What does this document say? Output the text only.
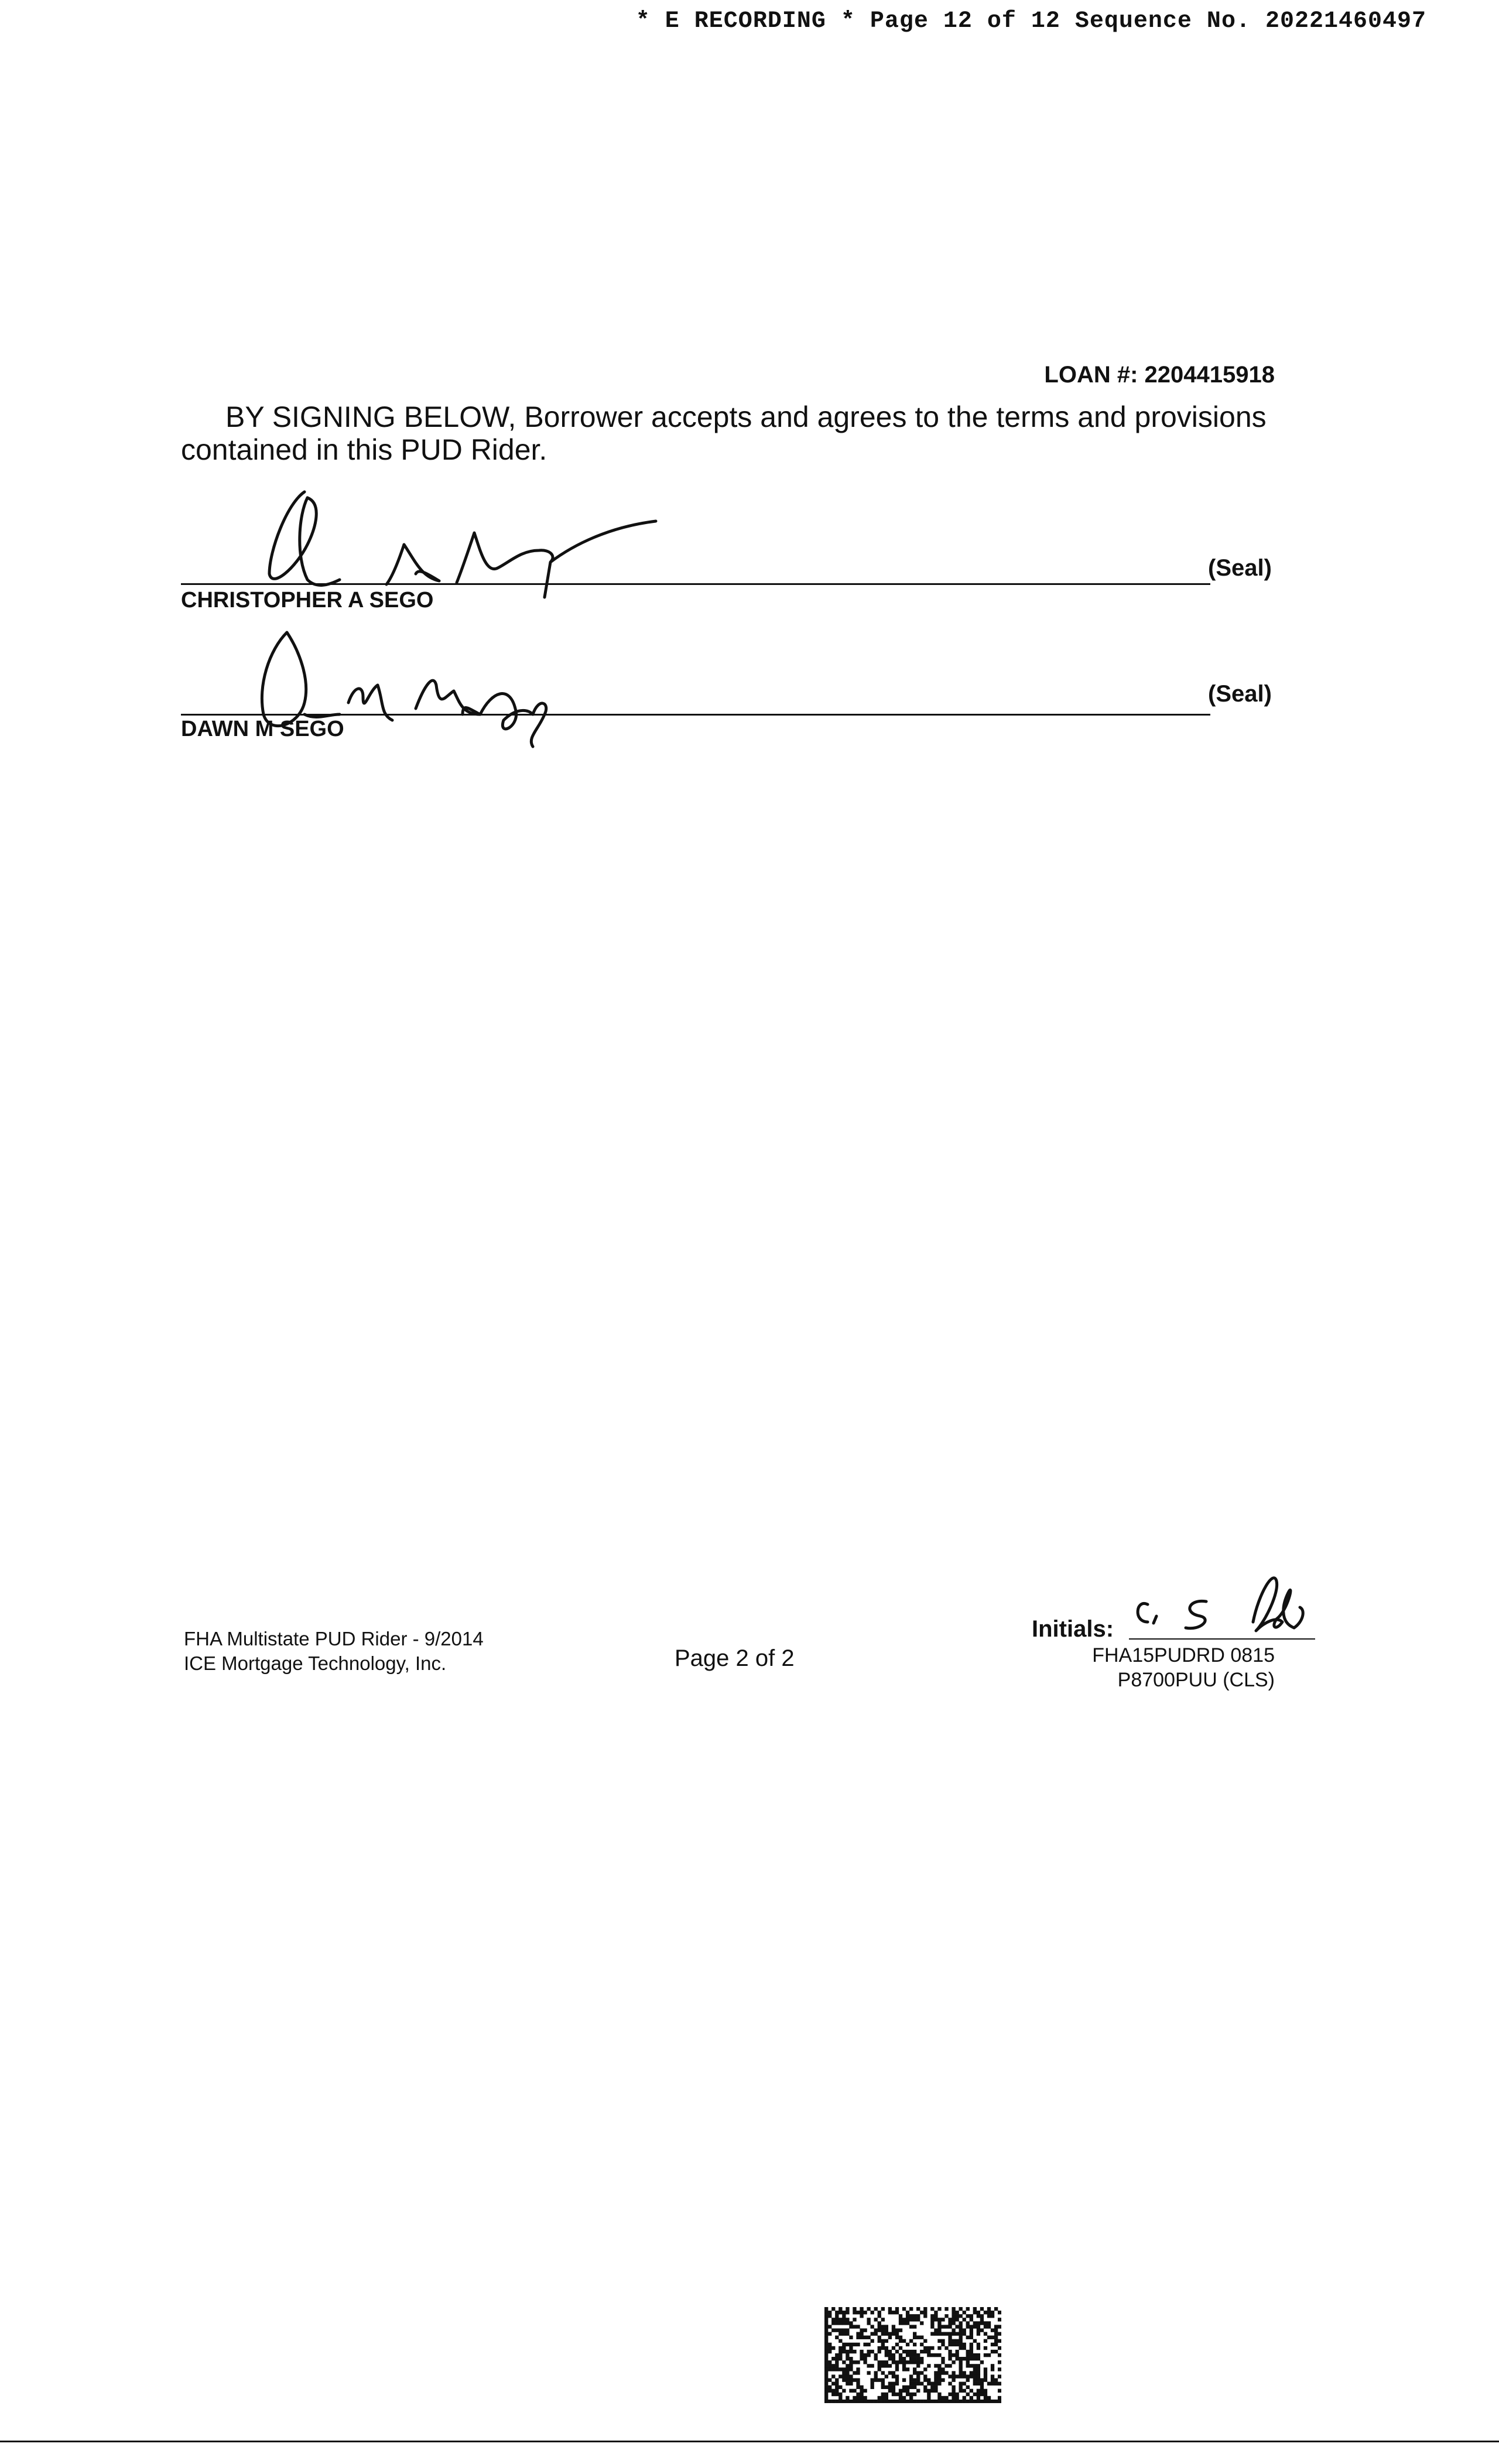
* E RECORDING * Page 12 of 12 Sequence No. 20221460497
LOAN #: 2204415918
BY SIGNING BELOW, Borrower accepts and agrees to the terms and provisions contained in this PUD Rider.
(Seal)
CHRISTOPHER A SEGO
(Seal)
DAWN M SEGO
FHA Multistate PUD Rider - 9/2014
ICE Mortgage Technology, Inc.	Page 2 of 2
Initials:
FHA15PUDRD 0815
P8700PUU (CLS)
